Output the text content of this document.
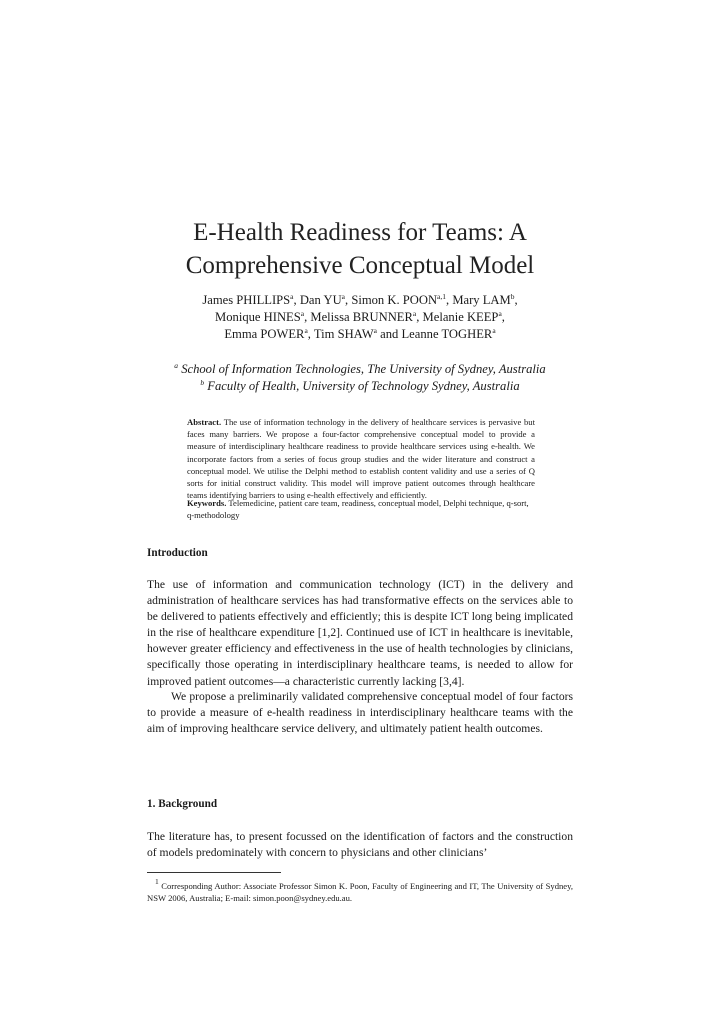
E-Health Readiness for Teams: A
Comprehensive Conceptual Model
James PHILLIPS$^a$, Dan $YU^a$, Simon K. POON$^{a,1}$, Mary LAM$^b$,
Monique HINES$^a$, Melissa BRUNNER$^a$, Melanie KEEP$^a$,
Emma POWER$^a$, Tim SHAW$^a$ and Leanne TOGHER$^a$
$^a$ School of Information Technologies, The University of Sydney, Australia
$^b$ Faculty of Health, University of Technology Sydney, Australia
Abstract. The use of information technology in the delivery of healthcare services is pervasive but faces many barriers. We propose a four-factor comprehensive conceptual model to provide a measure of interdisciplinary healthcare readiness to provide healthcare services using e-health. We incorporate factors from a series of focus group studies and the wider literature and construct a conceptual model. We utilise the Delphi method to establish content validity and use a series of Q sorts for initial construct validity. This model will improve patient outcomes through healthcare teams identifying barriers to using e-health effectively and efficiently.
Keywords. Telemedicine, patient care team, readiness, conceptual model, Delphi technique, q-sort, q-methodology
Introduction

The use of information and communication technology (ICT) in the delivery and administration of healthcare services has had transformative effects on the services able to be delivered to patients effectively and efficiently; this is despite ICT long being implicated in the rise of healthcare expenditure [1,2]. Continued use of ICT in healthcare is inevitable, however greater efficiency and effectiveness in the use of health technologies by clinicians, specifically those operating in interdisciplinary healthcare teams, is needed to allow for improved patient outcomes—a characteristic currently lacking [3,4].

We propose a preliminarily validated comprehensive conceptual model of four factors to provide a measure of e-health readiness in interdisciplinary healthcare teams with the aim of improving healthcare service delivery, and ultimately patient health outcomes.

1. Background

The literature has, to present focussed on the identification of factors and the construction of models predominately with concern to physicians and other clinicians’

$^1$ Corresponding Author: Associate Professor Simon K. Poon, Faculty of Engineering and IT, The University of Sydney, NSW 2006, Australia; E-mail: simon.poon@sydney.edu.au.
